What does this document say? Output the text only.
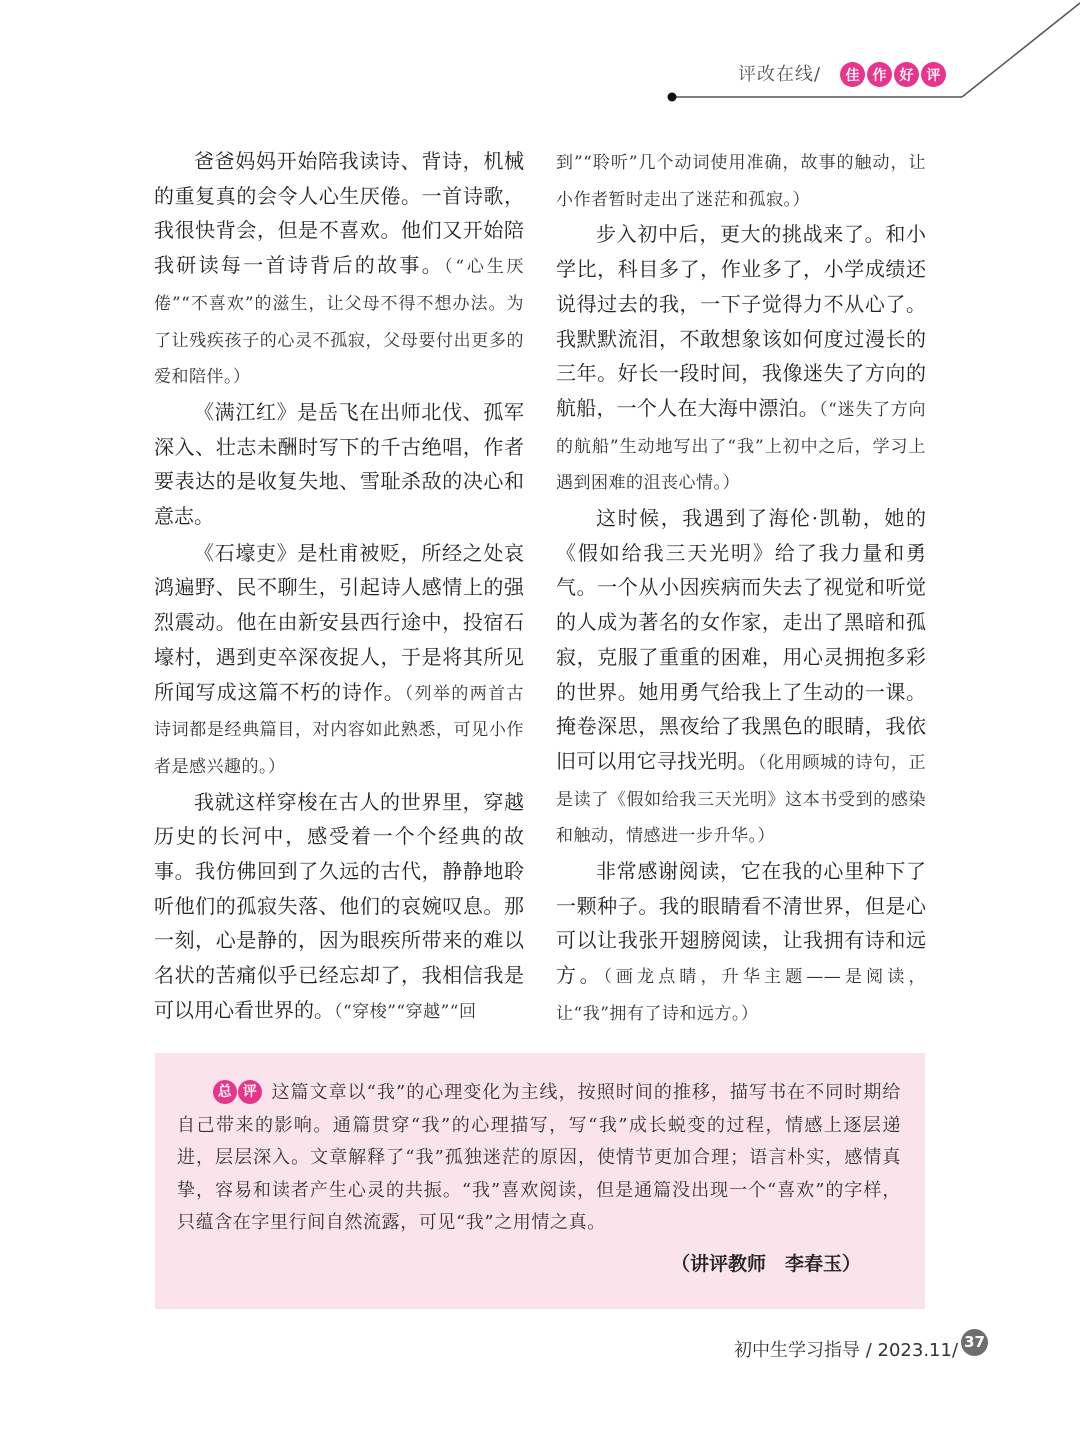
评改在线/	佳 作 好 评

爸爸妈妈开始陪我读诗、背诗，机械的重复真的会令人心生厌倦。一首诗歌，我很快背会，但是不喜欢。他们又开始陪我研读每一首诗背后的故事。（“心生厌倦”“不喜欢”的滋生，让父母不得不想办法。为了让残疾孩子的心灵不孤寂，父母要付出更多的爱和陪伴。）

《满江红》是岳飞在出师北伐、孤军深入、壮志未酬时写下的千古绝唱，作者要表达的是收复失地、雪耻杀敌的决心和意志。

《石壕吏》是杜甫被贬，所经之处哀鸿遍野、民不聊生，引起诗人感情上的强烈震动。他在由新安县西行途中，投宿石壕村，遇到吏卒深夜捉人，于是将其所见所闻写成这篇不朽的诗作。（列举的两首古诗词都是经典篇目，对内容如此熟悉，可见小作者是感兴趣的。）

我就这样穿梭在古人的世界里，穿越历史的长河中，感受着一个个经典的故事。我仿佛回到了久远的古代，静静地聆听他们的孤寂失落、他们的哀婉叹息。那一刻，心是静的，因为眼疾所带来的难以名状的苦痛似乎已经忘却了，我相信我是可以用心看世界的。（“穿梭”“穿越”“回

到”“聆听”几个动词使用准确，故事的触动，让小作者暂时走出了迷茫和孤寂。）

步入初中后，更大的挑战来了。和小学比，科目多了，作业多了，小学成绩还说得过去的我，一下子觉得力不从心了。我默默流泪，不敢想象该如何度过漫长的三年。好长一段时间，我像迷失了方向的航船，一个人在大海中漂泊。（“迷失了方向的航船”生动地写出了“我”上初中之后，学习上遇到困难的沮丧心情。）

这时候，我遇到了海伦·凯勒，她的《假如给我三天光明》给了我力量和勇气。一个从小因疾病而失去了视觉和听觉的人成为著名的女作家，走出了黑暗和孤寂，克服了重重的困难，用心灵拥抱多彩的世界。她用勇气给我上了生动的一课。掩卷深思，黑夜给了我黑色的眼睛，我依旧可以用它寻找光明。（化用顾城的诗句，正是读了《假如给我三天光明》这本书受到的感染和触动，情感进一步升华。）

非常感谢阅读，它在我的心里种下了一颗种子。我的眼睛看不清世界，但是心可以让我张开翅膀阅读，让我拥有诗和远方。（画龙点睛，升华主题——是阅读，让“我”拥有了诗和远方。）

总 评 这篇文章以“我”的心理变化为主线，按照时间的推移，描写书在不同时期给自己带来的影响。通篇贯穿“我”的心理描写，写“我”成长蜕变的过程，情感上逐层递进，层层深入。文章解释了“我”孤独迷茫的原因，使情节更加合理；语言朴实，感情真挚，容易和读者产生心灵的共振。“我”喜欢阅读，但是通篇没出现一个“喜欢”的字样，只蕴含在字里行间自然流露，可见“我”之用情之真。

（讲评教师　李春玉）
初中生学习指导 / 2023.11/ 37
